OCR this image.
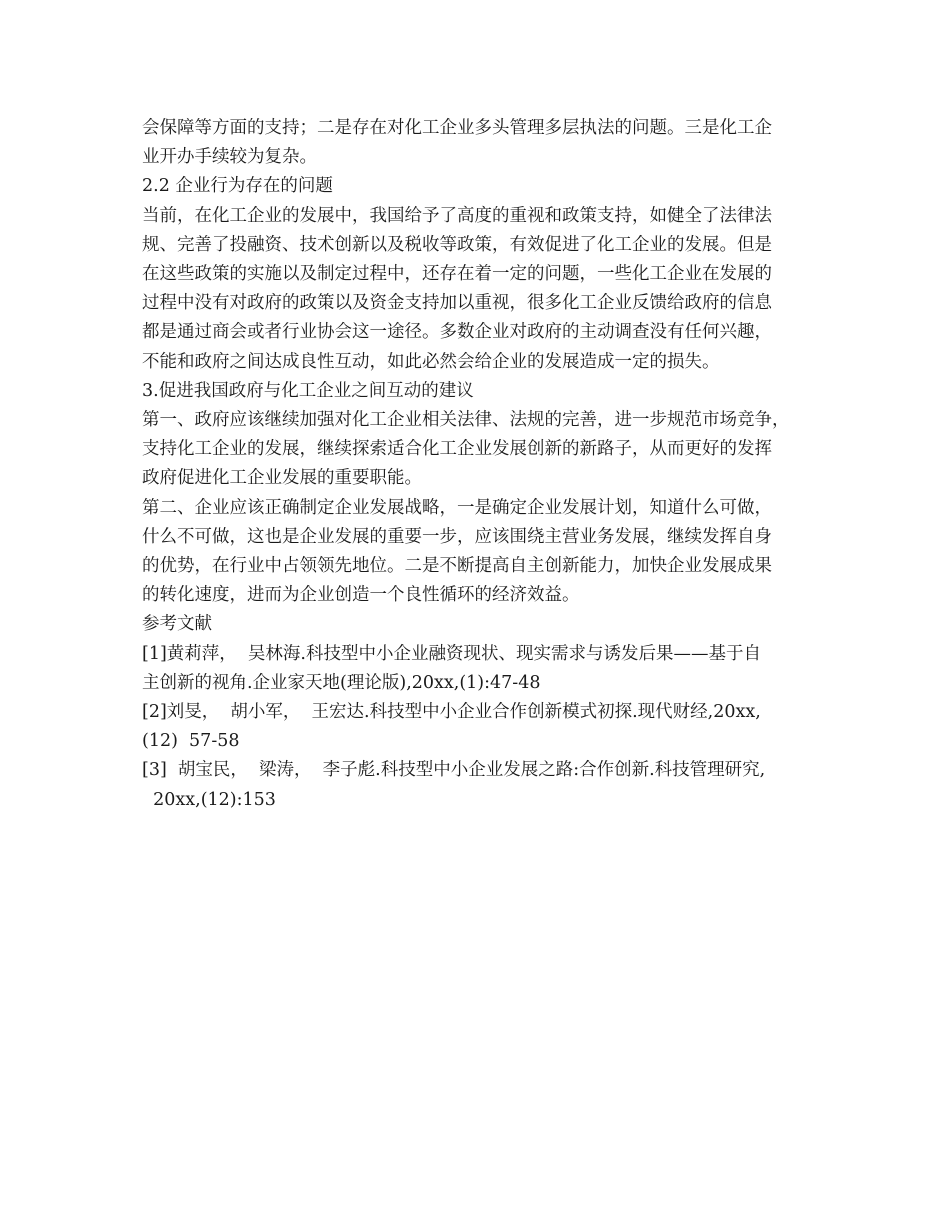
会保障等方面的支持；二是存在对化工企业多头管理多层执法的问题。三是化工企
业开办手续较为复杂。
2.2 企业行为存在的问题
当前，在化工企业的发展中，我国给予了高度的重视和政策支持，如健全了法律法
规、完善了投融资、技术创新以及税收等政策，有效促进了化工企业的发展。但是
在这些政策的实施以及制定过程中，还存在着一定的问题，一些化工企业在发展的
过程中没有对政府的政策以及资金支持加以重视，很多化工企业反馈给政府的信息
都是通过商会或者行业协会这一途径。多数企业对政府的主动调查没有任何兴趣，
不能和政府之间达成良性互动，如此必然会给企业的发展造成一定的损失。
3.促进我国政府与化工企业之间互动的建议
第一、政府应该继续加强对化工企业相关法律、法规的完善，进一步规范市场竞争，
支持化工企业的发展，继续探索适合化工企业发展创新的新路子，从而更好的发挥
政府促进化工企业发展的重要职能。
第二、企业应该正确制定企业发展战略，一是确定企业发展计划，知道什么可做，
什么不可做，这也是企业发展的重要一步，应该围绕主营业务发展，继续发挥自身
的优势，在行业中占领领先地位。二是不断提高自主创新能力，加快企业发展成果
的转化速度，进而为企业创造一个良性循环的经济效益。
参考文献
[1]黄莉萍，  吴林海.科技型中小企业融资现状、现实需求与诱发后果——基于自
主创新的视角.企业家天地(理论版),20xx,(1):47-48
[2]刘旻，  胡小军，  王宏达.科技型中小企业合作创新模式初探.现代财经,20xx,
(12)  57-58
[3]  胡宝民，  梁涛，  李子彪.科技型中小企业发展之路:合作创新.科技管理研究,
20xx,(12):153
